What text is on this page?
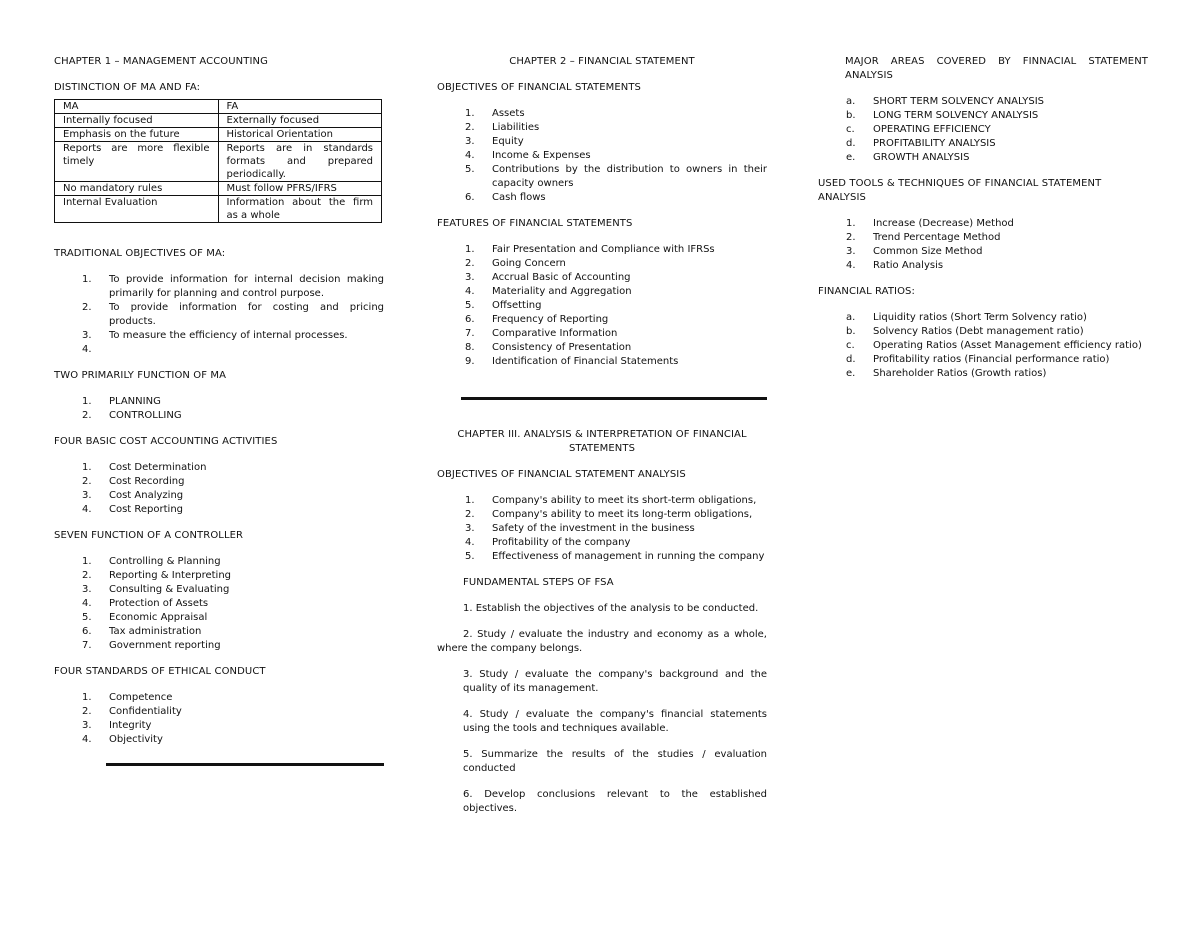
CHAPTER 1 – MANAGEMENT ACCOUNTING
DISTINCTION OF MA AND FA:
MA	FA
Internally focused	Externally focused
Emphasis on the future	Historical Orientation
Reports are more flexible timely	Reports are in standards formats and prepared periodically.
No mandatory rules	Must follow PFRS/IFRS
Internal Evaluation	Information about the firm as a whole
TRADITIONAL OBJECTIVES OF MA:
1.	To provide information for internal decision making primarily for planning and control purpose.
2.	To provide information for costing and pricing products.
3.	To measure the efficiency of internal processes.
4.

TWO PRIMARILY FUNCTION OF MA
1.	PLANNING
2.	CONTROLLING
FOUR BASIC COST ACCOUNTING ACTIVITIES
1.	Cost Determination
2.	Cost Recording
3.	Cost Analyzing
4.	Cost Reporting
SEVEN FUNCTION OF A CONTROLLER
1.	Controlling & Planning
2.	Reporting & Interpreting
3.	Consulting & Evaluating
4.	Protection of Assets
5.	Economic Appraisal
6.	Tax administration
7.	Government reporting
FOUR STANDARDS OF ETHICAL CONDUCT
1.	Competence
2.	Confidentiality
3.	Integrity
4.	Objectivity
CHAPTER 2 – FINANCIAL STATEMENT
OBJECTIVES OF FINANCIAL STATEMENTS
1.	Assets
2.	Liabilities
3.	Equity
4.	Income & Expenses
5.	Contributions by the distribution to owners in their capacity owners
6.	Cash flows
FEATURES OF FINANCIAL STATEMENTS
1.	Fair Presentation and Compliance with IFRSs
2.	Going Concern
3.	Accrual Basic of Accounting
4.	Materiality and Aggregation
5.	Offsetting
6.	Frequency of Reporting
7.	Comparative Information
8.	Consistency of Presentation
9.	Identification of Financial Statements
CHAPTER III. ANALYSIS & INTERPRETATION OF FINANCIAL STATEMENTS
OBJECTIVES OF FINANCIAL STATEMENT ANALYSIS
1.	Company's ability to meet its short-term obligations,
2.	Company's ability to meet its long-term obligations,
3.	Safety of the investment in the business
4.	Profitability of the company
5.	Effectiveness of management in running the company
FUNDAMENTAL STEPS OF FSA

1. Establish the objectives of the analysis to be conducted.

2. Study / evaluate the industry and economy as a whole, where the company belongs.

3. Study / evaluate the company's background and the quality of its management.

4. Study / evaluate the company's financial statements using the tools and techniques available.

5. Summarize the results of the studies / evaluation conducted

6. Develop conclusions relevant to the established objectives.

MAJOR AREAS COVERED BY FINNACIAL STATEMENT ANALYSIS
a.	SHORT TERM SOLVENCY ANALYSIS
b.	LONG TERM SOLVENCY ANALYSIS
c.	OPERATING EFFICIENCY
d.	PROFITABILITY ANALYSIS
e.	GROWTH ANALYSIS
USED TOOLS & TECHNIQUES OF FINANCIAL STATEMENT ANALYSIS
1.	Increase (Decrease) Method
2.	Trend Percentage Method
3.	Common Size Method
4.	Ratio Analysis
FINANCIAL RATIOS:
a.	Liquidity ratios (Short Term Solvency ratio)
b.	Solvency Ratios (Debt management ratio)
c.	Operating Ratios (Asset Management efficiency ratio)
d.	Profitability ratios (Financial performance ratio)
e.	Shareholder Ratios (Growth ratios)
